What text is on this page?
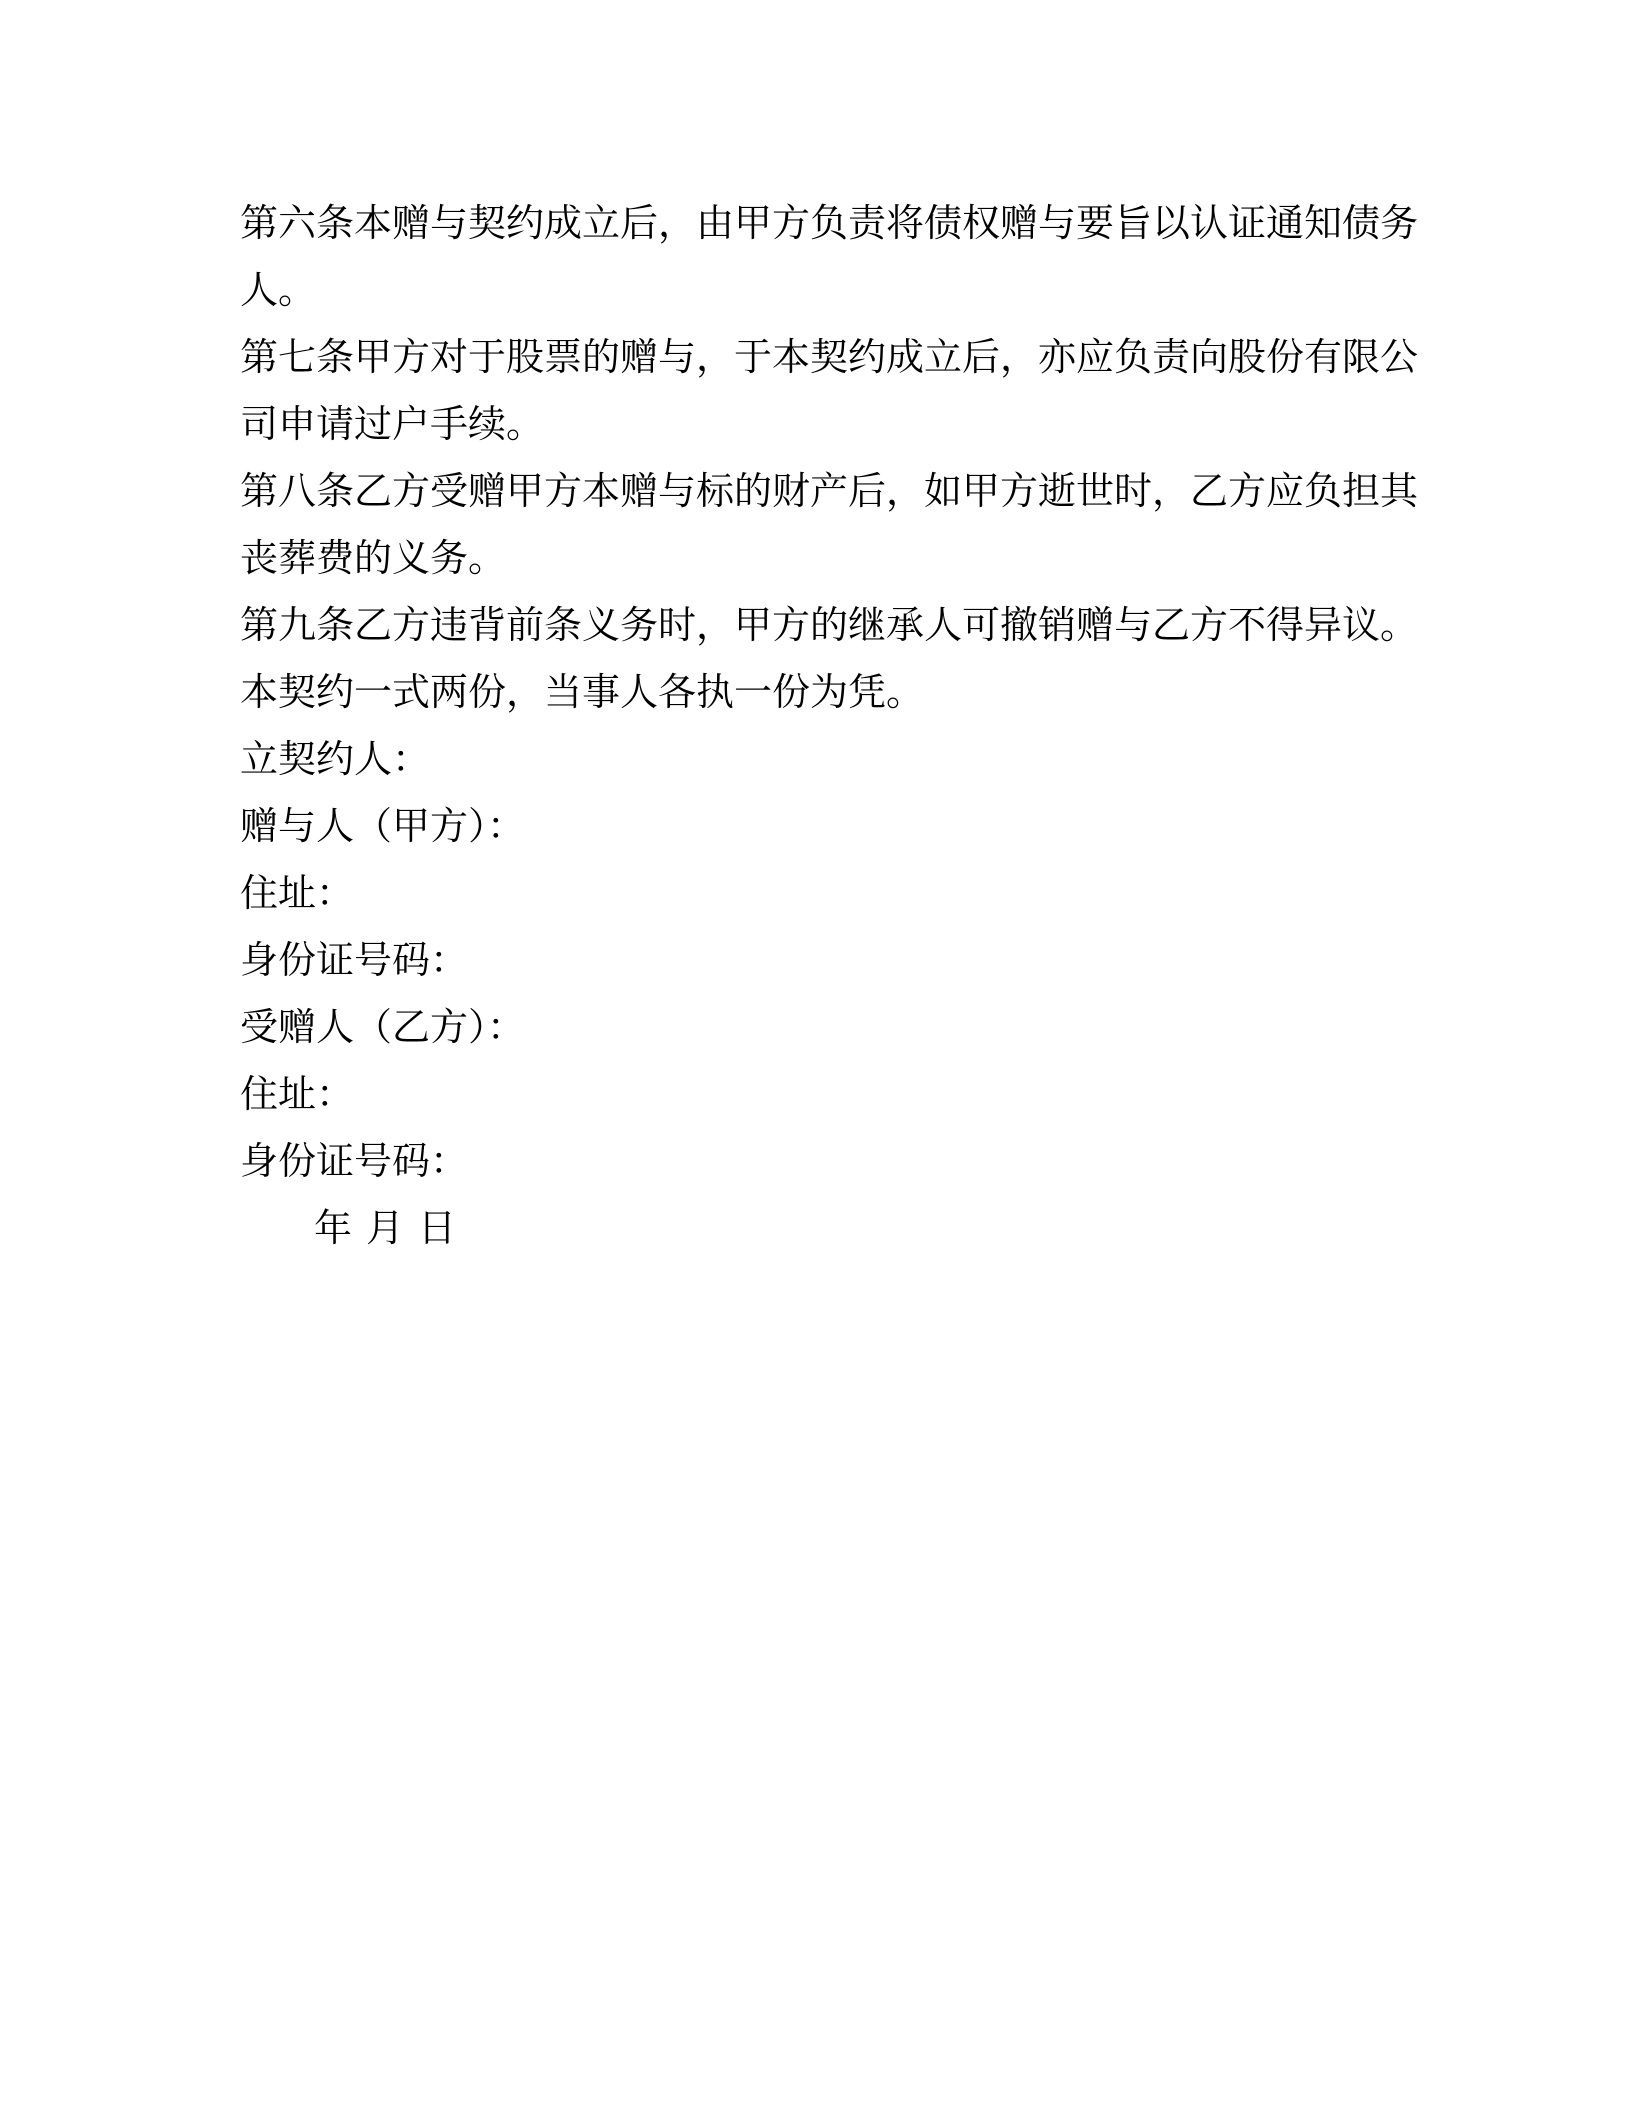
第六条本赠与契约成立后，由甲方负责将债权赠与要旨以认证通知债务
人。
第七条甲方对于股票的赠与，于本契约成立后，亦应负责向股份有限公
司申请过户手续。
第八条乙方受赠甲方本赠与标的财产后，如甲方逝世时，乙方应负担其
丧葬费的义务。
第九条乙方违背前条义务时，甲方的继承人可撤销赠与乙方不得异议。
本契约一式两份，当事人各执一份为凭。
立契约人：
赠与人（甲方）：
住址：
身份证号码：
受赠人（乙方）：
住址：
身份证号码：
年 月 日
